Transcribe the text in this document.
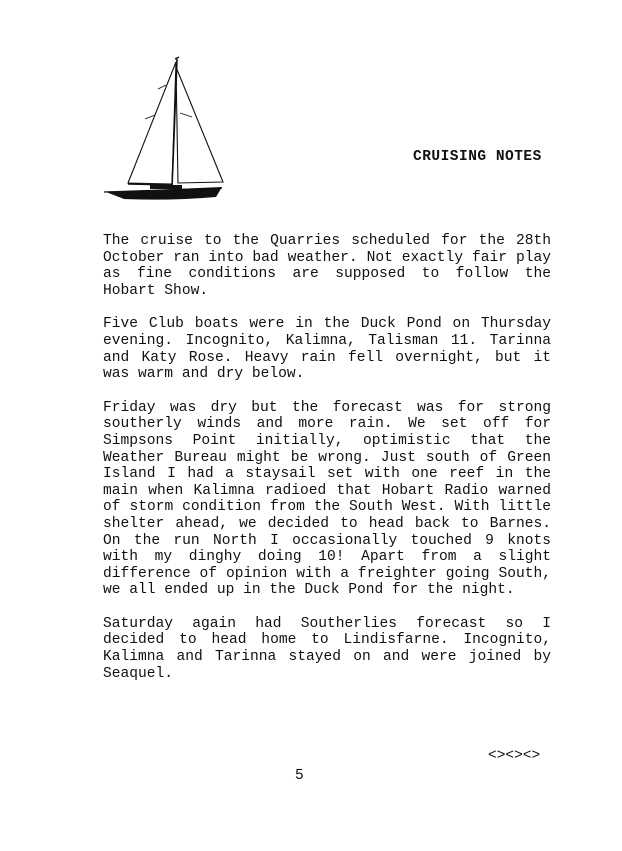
CRUISING NOTES

The cruise to the Quarries scheduled for the 28th October ran into bad weather. Not exactly fair play as fine conditions are supposed to follow the Hobart Show.

Five Club boats were in the Duck Pond on Thursday evening. Incognito, Kalimna, Talisman 11. Tarinna and Katy Rose. Heavy rain fell overnight, but it was warm and dry below.

Friday was dry but the forecast was for strong southerly winds and more rain. We set off for Simpsons Point initially, optimistic that the Weather Bureau might be wrong. Just south of Green Island I had a staysail set with one reef in the main when Kalimna radioed that Hobart Radio warned of storm condition from the South West. With little shelter ahead, we decided to head back to Barnes. On the run North I occasionally touched 9 knots with my dinghy doing 10! Apart from a slight difference of opinion with a freighter going South, we all ended up in the Duck Pond for the night.

Saturday again had Southerlies forecast so I decided to head home to Lindisfarne. Incognito, Kalimna and Tarinna stayed on and were joined by Seaquel.

<><><>
5
